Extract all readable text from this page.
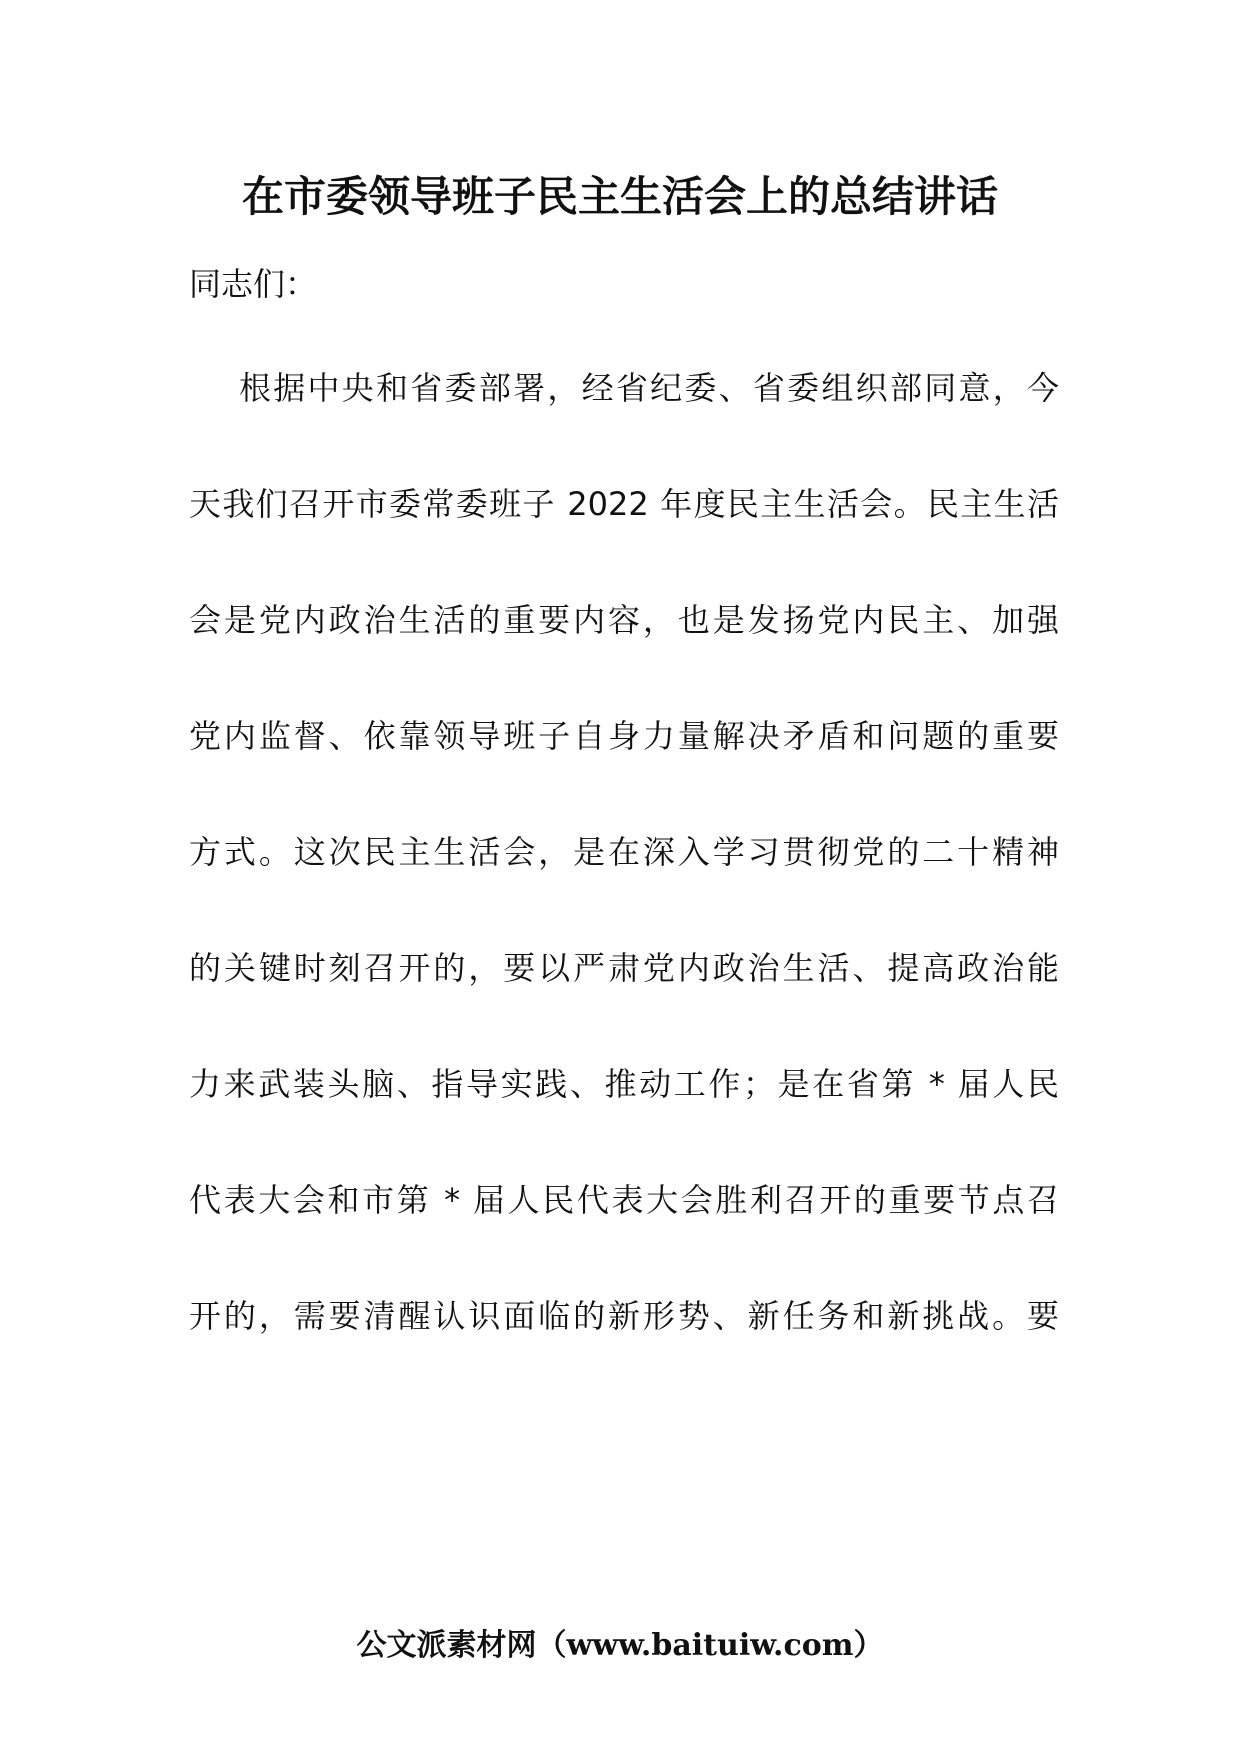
在市委领导班子民主生活会上的总结讲话
同志们：
根据中央和省委部署，经省纪委、省委组织部同意，今
天我们召开市委常委班子 2022 年度民主生活会。民主生活
会是党内政治生活的重要内容，也是发扬党内民主、加强
党内监督、依靠领导班子自身力量解决矛盾和问题的重要
方式。这次民主生活会，是在深入学习贯彻党的二十精神
的关键时刻召开的，要以严肃党内政治生活、提高政治能
力来武装头脑、指导实践、推动工作；是在省第 * 届人民
代表大会和市第 * 届人民代表大会胜利召开的重要节点召
开的，需要清醒认识面临的新形势、新任务和新挑战。要
公文派素材网（www.baituiw.com）
